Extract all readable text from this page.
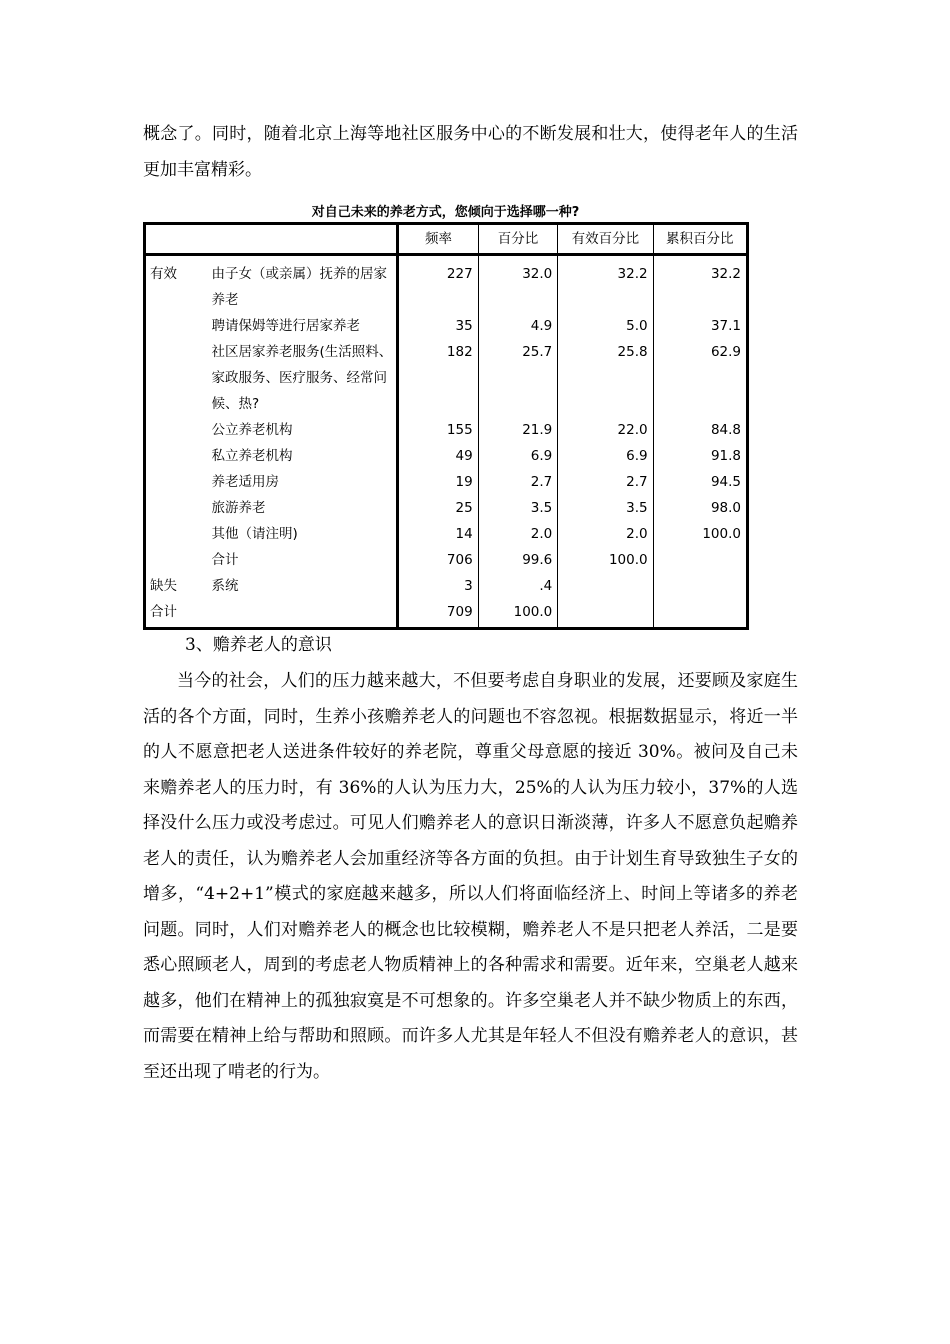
概念了。同时，随着北京上海等地社区服务中心的不断发展和壮大，使得老年人的生活更加丰富精彩。

对自己未来的养老方式，您倾向于选择哪一种?
		频率	百分比	有效百分比	累积百分比
有效	由子女（或亲属）抚养的居家养老	227	32.0	32.2	32.2
	聘请保姆等进行居家养老	35	4.9	5.0	37.1
	社区居家养老服务(生活照料、家政服务、医疗服务、经常问候、热?	182	25.7	25.8	62.9
	公立养老机构	155	21.9	22.0	84.8
	私立养老机构	49	6.9	6.9	91.8
	养老适用房	19	2.7	2.7	94.5
	旅游养老	25	3.5	3.5	98.0
	其他（请注明)	14	2.0	2.0	100.0
	合计	706	99.6	100.0	
缺失	系统	3	.4		
合计		709	100.0		

3、赡养老人的意识

当今的社会，人们的压力越来越大，不但要考虑自身职业的发展，还要顾及家庭生活的各个方面，同时，生养小孩赡养老人的问题也不容忽视。根据数据显示，将近一半的人不愿意把老人送进条件较好的养老院，尊重父母意愿的接近 30%。被问及自己未来赡养老人的压力时，有 36%的人认为压力大，25%的人认为压力较小，37%的人选择没什么压力或没考虑过。可见人们赡养老人的意识日渐淡薄，许多人不愿意负起赡养老人的责任，认为赡养老人会加重经济等各方面的负担。由于计划生育导致独生子女的增多，“4+2+1”模式的家庭越来越多，所以人们将面临经济上、时间上等诸多的养老问题。同时，人们对赡养老人的概念也比较模糊，赡养老人不是只把老人养活，二是要悉心照顾老人，周到的考虑老人物质精神上的各种需求和需要。近年来，空巢老人越来越多，他们在精神上的孤独寂寞是不可想象的。许多空巢老人并不缺少物质上的东西，而需要在精神上给与帮助和照顾。而许多人尤其是年轻人不但没有赡养老人的意识，甚至还出现了啃老的行为。
